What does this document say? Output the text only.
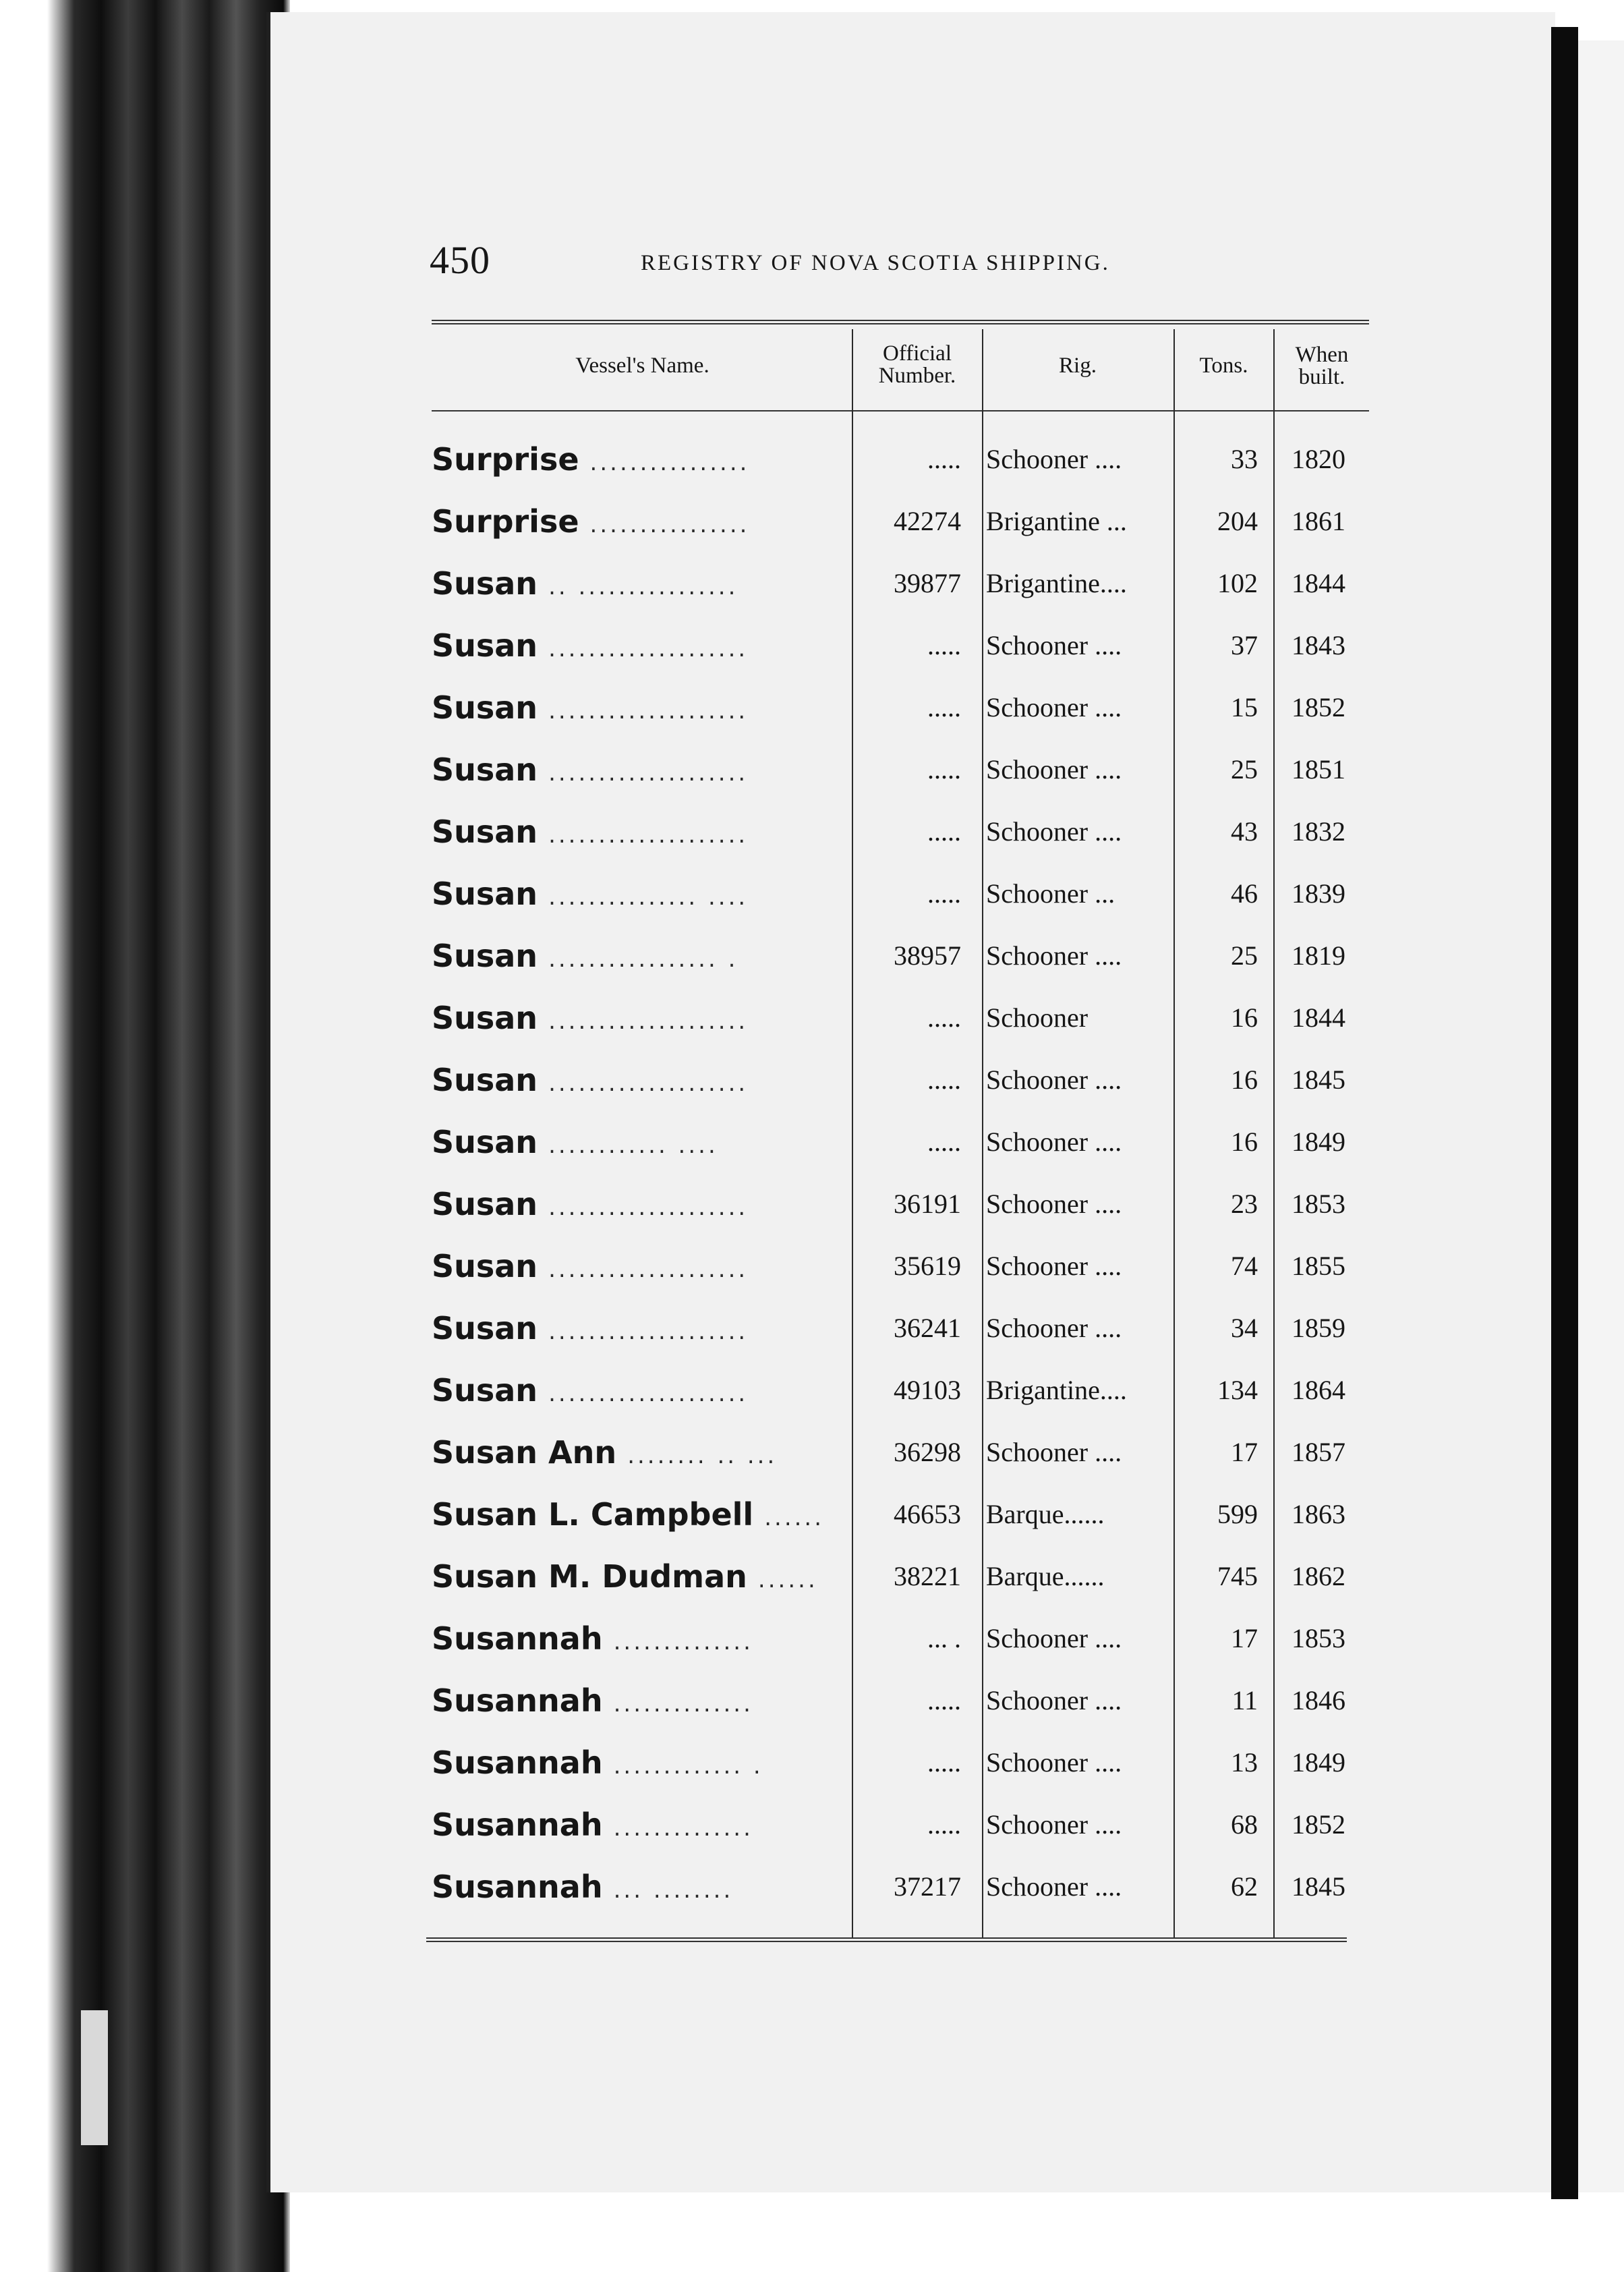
450	REGISTRY OF NOVA SCOTIA SHIPPING.
Vessel's Name.	Official
Number.	Rig.	Tons.	When
built.
Surprise ................	..... Schooner ....	33	1820
Surprise ................	42274 Brigantine ...	204	1861
Susan .. ................	39877 Brigantine....	102	1844
Susan ....................	..... Schooner ....	37	1843
Susan ....................	..... Schooner ....	15	1852
Susan ....................	..... Schooner ....	25	1851
Susan ....................	..... Schooner ....	43	1832
Susan ............... ....	..... Schooner ...	46	1839
Susan ................. .	38957 Schooner ....	25	1819
Susan ....................	..... Schooner	16	1844
Susan ....................	..... Schooner ....	16	1845
Susan ............ ....	..... Schooner ....	16	1849
Susan ....................	36191 Schooner ....	23	1853
Susan ....................	35619 Schooner ....	74	1855
Susan ....................	36241 Schooner ....	34	1859
Susan ....................	49103 Brigantine....	134	1864
Susan Ann ........ .. ...	36298 Schooner ....	17	1857
Susan L. Campbell ......	46653 Barque......	599	1863
Susan M. Dudman ......	38221 Barque......	745	1862
Susannah ..............	... . Schooner ....	17	1853
Susannah ..............	..... Schooner ....	11	1846
Susannah ............. .	..... Schooner ....	13	1849
Susannah ..............	..... Schooner ....	68	1852
Susannah ... ........	37217 Schooner ....	62	1845
